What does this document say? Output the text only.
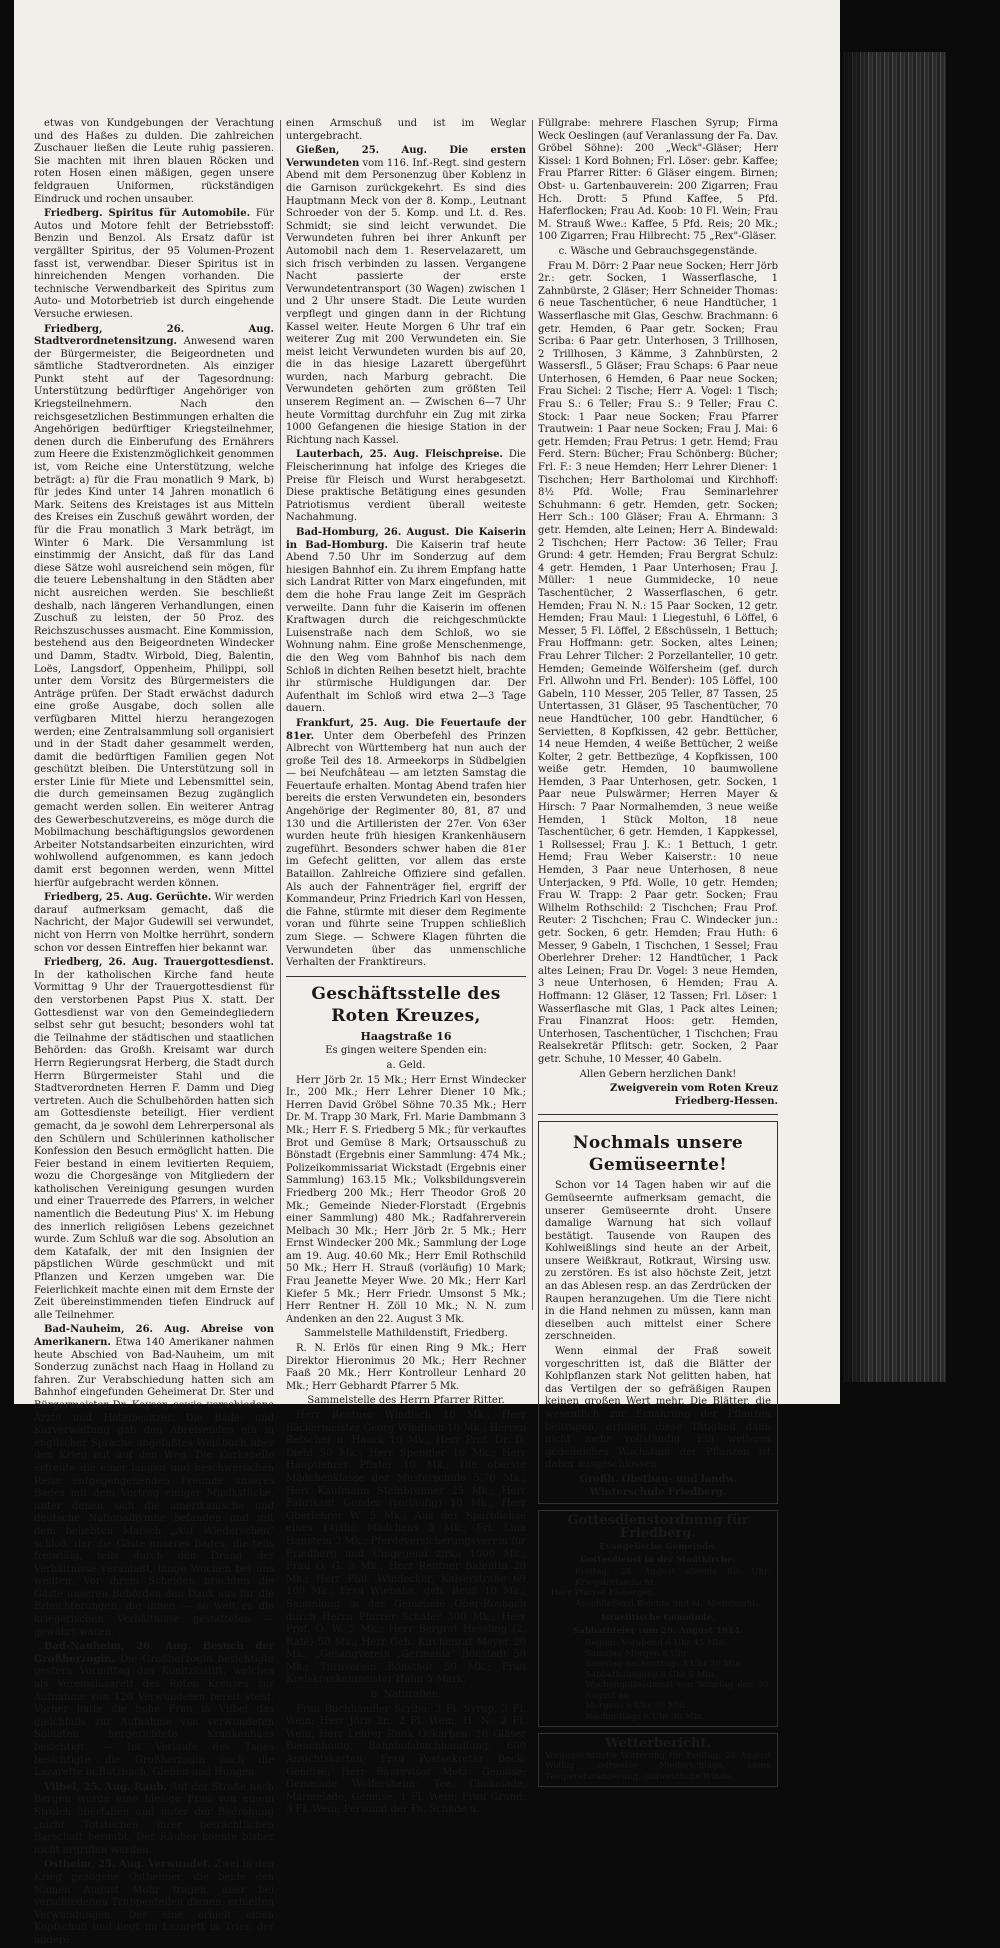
etwas von Kundgebungen der Verachtung und des Haßes zu dulden. Die zahlreichen Zuschauer ließen die Leute ruhig passieren. Sie machten mit ihren blauen Röcken und roten Hosen einen mäßigen, gegen unsere feldgrauen Uniformen, rückständigen Eindruck und rochen unsauber.

Friedberg. Spiritus für Automobile. Für Autos und Motore fehlt der Betriebsstoff: Benzin und Benzol. Als Ersatz dafür ist vergällter Spiritus, der 95 Volumen-Prozent fasst ist, verwendbar. Dieser Spiritus ist in hinreichenden Mengen vorhanden. Die technische Verwendbarkeit des Spiritus zum Auto- und Motorbetrieb ist durch eingehende Versuche erwiesen.

Friedberg, 26. Aug. Stadtverordnetensitzung. Anwesend waren der Bürgermeister, die Beigeordneten und sämtliche Stadtverordneten. Als einziger Punkt steht auf der Tagesordnung: Unterstützung bedürftiger Angehöriger von Kriegsteilnehmern. Nach den reichsgesetzlichen Bestimmungen erhalten die Angehörigen bedürftiger Kriegsteilnehmer, denen durch die Einberufung des Ernährers zum Heere die Existenzmöglichkeit genommen ist, vom Reiche eine Unterstützung, welche beträgt: a) für die Frau monatlich 9 Mark, b) für jedes Kind unter 14 Jahren monatlich 6 Mark. Seitens des Kreistages ist aus Mitteln des Kreises ein Zuschuß gewährt worden, der für die Frau monatlich 3 Mark beträgt, im Winter 6 Mark. Die Versammlung ist einstimmig der Ansicht, daß für das Land diese Sätze wohl ausreichend sein mögen, für die teuere Lebenshaltung in den Städten aber nicht ausreichen werden. Sie beschließt deshalb, nach längeren Verhandlungen, einen Zuschuß zu leisten, der 50 Proz. des Reichszuschusses ausmacht. Eine Kommission, bestehend aus den Beigeordneten Windecker und Damm, Stadtv. Wirbold, Dieg, Balentin, Loës, Langsdorf, Oppenheim, Philippi, soll unter dem Vorsitz des Bürgermeisters die Anträge prüfen. Der Stadt erwächst dadurch eine große Ausgabe, doch sollen alle verfügbaren Mittel hierzu herangezogen werden; eine Zentralsammlung soll organisiert und in der Stadt daher gesammelt werden, damit die bedürftigen Familien gegen Not geschützt bleiben. Die Unterstützung soll in erster Linie für Miete und Lebensmittel sein, die durch gemeinsamen Bezug zugänglich gemacht werden sollen. Ein weiterer Antrag des Gewerbeschutzvereins, es möge durch die Mobilmachung beschäftigungslos gewordenen Arbeiter Notstandsarbeiten einzurichten, wird wohlwollend aufgenommen, es kann jedoch damit erst begonnen werden, wenn Mittel hierfür aufgebracht werden können.

Friedberg, 25. Aug. Gerüchte. Wir werden darauf aufmerksam gemacht, daß die Nachricht, der Major Gudewill sei verwundet, nicht von Herrn von Moltke herrührt, sondern schon vor dessen Eintreffen hier bekannt war.

Friedberg, 26. Aug. Trauergottesdienst. In der katholischen Kirche fand heute Vormittag 9 Uhr der Trauergottesdienst für den verstorbenen Papst Pius X. statt. Der Gottesdienst war von den Gemeindegliedern selbst sehr gut besucht; besonders wohl tat die Teilnahme der städtischen und staatlichen Behörden: das Großh. Kreisamt war durch Herrn Regierungsrat Herberg, die Stadt durch Herrn Bürgermeister Stahl und die Stadtverordneten Herren F. Damm und Dieg vertreten. Auch die Schulbehörden hatten sich am Gottesdienste beteiligt. Hier verdient gemacht, da je sowohl dem Lehrerpersonal als den Schülern und Schülerinnen katholischer Konfession den Besuch ermöglicht hatten. Die Feier bestand in einem levitierten Requiem, wozu die Chorgesänge von Mitgliedern der katholischen Vereinigung gesungen wurden und einer Trauerrede des Pfarrers, in welcher namentlich die Bedeutung Pius' X. im Hebung des innerlich religiösen Lebens gezeichnet wurde. Zum Schluß war die sog. Absolution an dem Katafalk, der mit den Insignien der päpstlichen Würde geschmückt und mit Pflanzen und Kerzen umgeben war. Die Feierlichkeit machte einen mit dem Ernste der Zeit übereinstimmenden tiefen Eindruck auf alle Teilnehmer.

Bad-Nauheim, 26. Aug. Abreise von Amerikanern. Etwa 140 Amerikaner nahmen heute Abschied von Bad-Nauheim, um mit Sonderzug zunächst nach Haag in Holland zu fahren. Zur Verabschiedung hatten sich am Bahnhof eingefunden Geheimerat Dr. Ster und Bürgermeister Dr. Kayser, sowie verschiedene Ärzte und Hotelbesitzer. Die Bade- und Kurverwaltung gab den Abreisenden ein in englischer Sprache abgefaßtes Weißbuch über den Krieg mit auf den Weg. Die Kurkapelle erfreute die einer langen und beschwerlichen Reise entgegengehenden Freunde unseres Bades mit dem Vortrag einiger Musikstücke, unter denen sich die amerikanische und deutsche Nationalhymne befanden und mit dem beliebten Marsch „Auf Wiedersehen" schloß, der die Gäste unseres Bades, die teils freiwillig, teils durch den Drang der Verhältnisse veranlaßt, lange Wochen bei uns weilten. Vor ihrem Scheiden brachten die Gäste unseren Behörden den Dank aus für die Erleichterungen, die ihnen — so weit es die kriegerischen Verhältnisse gestatteten — gewährt waren.

Bad-Nauheim, 26. Aug. Besuch der Großherzogin. Die Großherzogin besichtigte gestern Vormittag das Konitzkistift, welches als Vereinslazarett des Roten Kreuzes zur Aufnahme von 120 Verwundeten bereit steht. Vorher hatte die hohe Frau in Vilbel das gleichfalls zur Aufnahme von verwundeten Soldaten hergerichtete Krankenhaus besichtigt. — Im Verlaufe des Tages besichtigte die Großherzogin noch die Lazarette in Butzbach, Gießen und Hungen.

Vilbel, 25. Aug. Raub. Auf der Straße nach Bergen wurde eine hiesige Frau von einem Strolch überfallen und unter der Bedrohung „nicht Totstechen ihrer beträchtlichen Barschaft beraubt. Der Räuber konnte bisher nicht ergriffen werden.

Ostheim, 25. Aug. Verwundet. Zwei in den Krieg gezogene Ostheimer, die beide den Namen August Mohr tragen, aber bei verschiedenen Truppenteilen dienen, erhielten Verwundungen. Der eine erhielt einen Kopfschuß und liegt im Lazarett in Trier, der andere

einen Armschuß und ist im Weglar untergebracht.

Gießen, 25. Aug. Die ersten Verwundeten vom 116. Inf.-Regt. sind gestern Abend mit dem Personenzug über Koblenz in die Garnison zurückgekehrt. Es sind dies Hauptmann Meck von der 8. Komp., Leutnant Schroeder von der 5. Komp. und Lt. d. Res. Schmidt; sie sind leicht verwundet. Die Verwundeten fuhren bei ihrer Ankunft per Automobil nach dem 1. Reservelazarett, um sich frisch verbinden zu lassen. Vergangene Nacht passierte der erste Verwundetentransport (30 Wagen) zwischen 1 und 2 Uhr unsere Stadt. Die Leute wurden verpflegt und gingen dann in der Richtung Kassel weiter. Heute Morgen 6 Uhr traf ein weiterer Zug mit 200 Verwundeten ein. Sie meist leicht Verwundeten wurden bis auf 20, die in das hiesige Lazarett übergeführt wurden, nach Marburg gebracht. Die Verwundeten gehörten zum größten Teil unserem Regiment an. — Zwischen 6—7 Uhr heute Vormittag durchfuhr ein Zug mit zirka 1000 Gefangenen die hiesige Station in der Richtung nach Kassel.

Lauterbach, 25. Aug. Fleischpreise. Die Fleischerinnung hat infolge des Krieges die Preise für Fleisch und Wurst herabgesetzt. Diese praktische Betätigung eines gesunden Patriotismus verdient überall weiteste Nachahmung.

Bad-Homburg, 26. August. Die Kaiserin in Bad-Homburg. Die Kaiserin traf heute Abend 7.50 Uhr im Sonderzug auf dem hiesigen Bahnhof ein. Zu ihrem Empfang hatte sich Landrat Ritter von Marx eingefunden, mit dem die hohe Frau lange Zeit im Gespräch verweilte. Dann fuhr die Kaiserin im offenen Kraftwagen durch die reichgeschmückte Luisenstraße nach dem Schloß, wo sie Wohnung nahm. Eine große Menschenmenge, die den Weg vom Bahnhof bis nach dem Schloß in dichten Reihen besetzt hielt, brachte ihr stürmische Huldigungen dar. Der Aufenthalt im Schloß wird etwa 2—3 Tage dauern.

Frankfurt, 25. Aug. Die Feuertaufe der 81er. Unter dem Oberbefehl des Prinzen Albrecht von Württemberg hat nun auch der große Teil des 18. Armeekorps in Südbelgien — bei Neufchâteau — am letzten Samstag die Feuertaufe erhalten. Montag Abend trafen hier bereits die ersten Verwundeten ein, besonders Angehörige der Regimenter 80, 81, 87 und 130 und die Artilleristen der 27er. Von 63er wurden heute früh hiesigen Krankenhäusern zugeführt. Besonders schwer haben die 81er im Gefecht gelitten, vor allem das erste Bataillon. Zahlreiche Offiziere sind gefallen. Als auch der Fahnenträger fiel, ergriff der Kommandeur, Prinz Friedrich Karl von Hessen, die Fahne, stürmte mit dieser dem Regimente voran und führte seine Truppen schließlich zum Siege. — Schwere Klagen führten die Verwundeten über das unmenschliche Verhalten der Franktireurs.

Geschäftsstelle des Roten Kreuzes,
Haagstraße 16

Es gingen weitere Spenden ein:

a. Geld.

Herr Jörb 2r. 15 Mk.; Herr Ernst Windecker Ir., 200 Mk.; Herr Lehrer Diener 10 Mk.; Herren David Gröbel Söhne 70.35 Mk.; Herr Dr. M. Trapp 30 Mark, Frl. Marie Dambmann 3 Mk.; Herr F. S. Friedberg 5 Mk.; für verkauftes Brot und Gemüse 8 Mark; Ortsausschuß zu Bönstadt (Ergebnis einer Sammlung: 474 Mk.; Polizeikommissariat Wickstadt (Ergebnis einer Sammlung) 163.15 Mk.; Volksbildungsverein Friedberg 200 Mk.; Herr Theodor Groß 20 Mk.; Gemeinde Nieder-Florstadt (Ergebnis einer Sammlung) 480 Mk.; Radfahrerverein Melbach 30 Mk.; Herr Jörb 2r. 5 Mk.; Herr Ernst Windecker 200 Mk.; Sammlung der Loge am 19. Aug. 40.60 Mk.; Herr Emil Rothschild 50 Mk.; Herr H. Strauß (vorläufig) 10 Mark; Frau Jeanette Meyer Wwe. 20 Mk.; Herr Karl Kiefer 5 Mk.; Herr Friedr. Umsonst 5 Mk.; Herr Rentner H. Zöll 10 Mk.; N. N. zum Andenken an den 22. August 3 Mk.

Sammelstelle Mathildenstift, Friedberg.

R. N. Erlös für einen Ring 9 Mk.; Herr Direktor Hieronimus 20 Mk.; Herr Rechner Faaß 20 Mk.; Herr Kontrolleur Lenhard 20 Mk.; Herr Gebhardt Pfarrer 5 Mk.

Sammelstelle des Herrn Pfarrer Ritter.

Herr Rentner Windisch 10 Mk.; Herr Bäckermeister Georg Windisch 10 Mk.; Herren Retscher u. Hauck 10 Mk.; Herr Prof. Dr. D. Diehl 50 Mk.; Herr Spengler 10 Mk.; Herr Hauptlehrer Pfister 10 Mk.; Die oberste Mädchenklasse der Musterschule 5.70 Mk.; Herr Kaufmann Steinbrenner 25 Mk.; Herr Fabrikant Gonder (vorläufig) 10 Mk.; Herr Oberlehrer W. 5 Mk.; Aus der Sparbüchse eines 14jähr. Mädchens 5 Mk.; Frl. Lina Hanstein 3 Mk.; Pferdeversicherungsverein für Friedberg und Umgegend zirka 1000 Mk.; Frau O. G. 3 Mk.; Herr Rentner Balentin 20 Mk.; Herr Phil. Windecker, Kaiserstraße 69 100 Mk.; Frau Wiebahn, geb. Reuß 10 Mk.; Sammlung in der Gemeinde Ober-Rosbach durch Herrn Pfarrer Schäfer 300 Mk.; Herr Prof. O. W. 5 Mk.; Herr Bergrat Hessling (2. Rate) 50 Mk.; Herr Geh. Kirchenrat Meyer 20 Mk.; „Gesangverein „Germania" Bönstadt 50 Mk.; Turnverein Bönstadt 50 Mk.; Frau Kreiskrankenmeister Hahn 5 Mark.

b. Naturalien:

Frau Buchhändler Scriba: 3 Fl. Syrup, 3 Fl. Wein; Herr Jörb 2r.: 2 Fl. Wein; H. N.: 2 Fl. Wein; Herr Lehrer Runk Ockarben: 10 Gläser Bienenhonig; Bahnhofsbuchhandlung: 600 Ansichtskarten; Frau Postsekretär Beck: Gemüse; Herr Baurevisor Metz: Gemüse; Gemeinde Wölfersheim: Tee, Chokolade, Marmelade, Gemüse, 1 Fl. Wein; Frau Grund: 3 Fl. Wein; Personal der Fa. Schade u.

Füllgrabe: mehrere Flaschen Syrup; Firma Weck Oeslingen (auf Veranlassung der Fa. Dav. Gröbel Söhne): 200 „Weck"-Gläser; Herr Kissel: 1 Kord Bohnen; Frl. Löser: gebr. Kaffee; Frau Pfarrer Ritter: 6 Gläser eingem. Birnen; Obst- u. Gartenbauverein: 200 Zigarren; Frau Hch. Drott: 5 Pfund Kaffee, 5 Pfd. Haferflocken; Frau Ad. Koob: 10 Fl. Wein; Frau M. Strauß Wwe.: Kaffee, 5 Pfd. Reis; 20 Mk.; 100 Zigarren; Frau Hilbrecht: 75 „Rex"-Gläser.

c. Wäsche und Gebrauchsgegenstände.

Frau M. Dörr: 2 Paar neue Socken; Herr Jörb 2r.: getr. Socken, 1 Wasserflasche, 1 Zahnbürste, 2 Gläser; Herr Schneider Thomas: 6 neue Taschentücher, 6 neue Handtücher, 1 Wasserflasche mit Glas, Geschw. Brachmann: 6 getr. Hemden, 6 Paar getr. Socken; Frau Scriba: 6 Paar getr. Unterhosen, 3 Trillhosen, 2 Trillhosen, 3 Kämme, 3 Zahnbürsten, 2 Wassersfl., 5 Gläser; Frau Schaps: 6 Paar neue Unterhosen, 6 Hemden, 6 Paar neue Socken; Frau Sichel: 2 Tische; Herr A. Vogel: 1 Tisch; Frau S.: 6 Teller; Frau S.: 9 Teller; Frau C. Stock: 1 Paar neue Socken; Frau Pfarrer Trautwein: 1 Paar neue Socken; Frau J. Mai: 6 getr. Hemden; Frau Petrus: 1 getr. Hemd; Frau Ferd. Stern: Bücher; Frau Schönberg: Bücher; Frl. F.: 3 neue Hemden; Herr Lehrer Diener: 1 Tischchen; Herr Bartholomai und Kirchhoff: 8½ Pfd. Wolle; Frau Seminarlehrer Schuhmann: 6 getr. Hemden, getr. Socken; Herr Sch.: 100 Gläser; Frau A. Ehrmann: 3 getr. Hemden, alte Leinen; Herr A. Bindewald: 2 Tischchen; Herr Pactow: 36 Teller; Frau Grund: 4 getr. Hemden; Frau Bergrat Schulz: 4 getr. Hemden, 1 Paar Unterhosen; Frau J. Müller: 1 neue Gummidecke, 10 neue Taschentücher, 2 Wasserflaschen, 6 getr. Hemden; Frau N. N.: 15 Paar Socken, 12 getr. Hemden; Frau Maul: 1 Liegestuhl, 6 Löffel, 6 Messer, 5 Fl. Löffel, 2 Eßschüsseln, 1 Bettuch; Frau Hoffmann: getr. Socken, altes Leinen; Frau Lehrer Tilcher: 2 Porzellanteller, 10 getr. Hemden; Gemeinde Wölfersheim (gef. durch Frl. Allwohn und Frl. Bender): 105 Löffel, 100 Gabeln, 110 Messer, 205 Teller, 87 Tassen, 25 Untertassen, 31 Gläser, 95 Taschentücher, 70 neue Handtücher, 100 gebr. Handtücher, 6 Servietten, 8 Kopfkissen, 42 gebr. Bettücher, 14 neue Hemden, 4 weiße Bettücher, 2 weiße Kolter, 2 getr. Bettbezüge, 4 Kopfkissen, 100 weiße getr. Hemden, 10 baumwollene Hemden, 3 Paar Unterhosen, getr. Socken, 1 Paar neue Pulswärmer; Herren Mayer & Hirsch: 7 Paar Normalhemden, 3 neue weiße Hemden, 1 Stück Molton, 18 neue Taschentücher, 6 getr. Hemden, 1 Kappkessel, 1 Rollsessel; Frau J. K.: 1 Bettuch, 1 getr. Hemd; Frau Weber Kaiserstr.: 10 neue Hemden, 3 Paar neue Unterhosen, 8 neue Unterjacken, 9 Pfd. Wolle, 10 getr. Hemden; Frau W. Trapp: 2 Paar getr. Socken; Frau Wilhelm Rothschild: 2 Tischchen; Frau Prof. Reuter: 2 Tischchen; Frau C. Windecker jun.: getr. Socken, 6 getr. Hemden; Frau Huth: 6 Messer, 9 Gabeln, 1 Tischchen, 1 Sessel; Frau Oberlehrer Dreher: 12 Handtücher, 1 Pack altes Leinen; Frau Dr. Vogel: 3 neue Hemden, 3 neue Unterhosen, 6 Hemden; Frau A. Hoffmann: 12 Gläser, 12 Tassen; Frl. Löser: 1 Wasserflasche mit Glas, 1 Pack altes Leinen; Frau Finanzrat Hoos: getr. Hemden, Unterhosen, Taschentücher, 1 Tischchen; Frau Realsekretär Pflitsch: getr. Socken, 2 Paar getr. Schuhe, 10 Messer, 40 Gabeln.

Allen Gebern herzlichen Dank!

Zweigverein vom Roten Kreuz
Friedberg-Hessen.
Nochmals unsere Gemüseernte!

Schon vor 14 Tagen haben wir auf die Gemüseernte aufmerksam gemacht, die unserer Gemüseernte droht. Unsere damalige Warnung hat sich vollauf bestätigt. Tausende von Raupen des Kohlweißlings sind heute an der Arbeit, unsere Weißkraut, Rotkraut, Wirsing usw. zu zerstören. Es ist also höchste Zeit, jetzt an das Ablesen resp. an das Zerdrücken der Raupen heranzugehen. Um die Tiere nicht in die Hand nehmen zu müssen, kann man dieselben auch mittelst einer Schere zerschneiden.

Wenn einmal der Fraß soweit vorgeschritten ist, daß die Blätter der Kohlpflanzen stark Not gelitten haben, hat das Vertilgen der so gefräßigen Raupen keinen großen Wert mehr. Die Blätter, die wesentlich zur Ernährung der Pflanzen beitragen, erfüllen diese Tätigkeit dann nicht mehr vollständig. Ein weiteres gedeihliches Wachstum der Pflanzen ist daher ausgeschlossen.

Großh. Obstbau- und landw. Winterschule Friedberg.
Gottesdienstordnung für Friedberg.
Evangelische Gemeinde.
Gottesdienst in der Stadtkirche.
Freitag, 28. August abends 8½ Uhr: Kriegsbittandacht;
Herr Pfarrer Fleberger.
Anschließend Beichte und hl. Abendmahl.
Israelitische Gemeinde.
Sabbathfeier vom 29. August 1914.
Beginn: Vorabend 6 Uhr 45 Min.
Samstag Morgen 8 Uhr.
Samstag nachmittags 3 Uhr 30 Min.
Sabbathausgang 8 Uhr 5 Min.
Wochengottesdienst von Sonntag den 30. August an
Morgens 6 Uhr 30 Min.
Nachmittags 6 Uhr 30 Min.
Wetterbericht.
Voraussichtliche Witterung für Freitag, 28 August Wolkig zeitweise Niederschläge, keine Temperaturänderung, südwestliche Winde.
